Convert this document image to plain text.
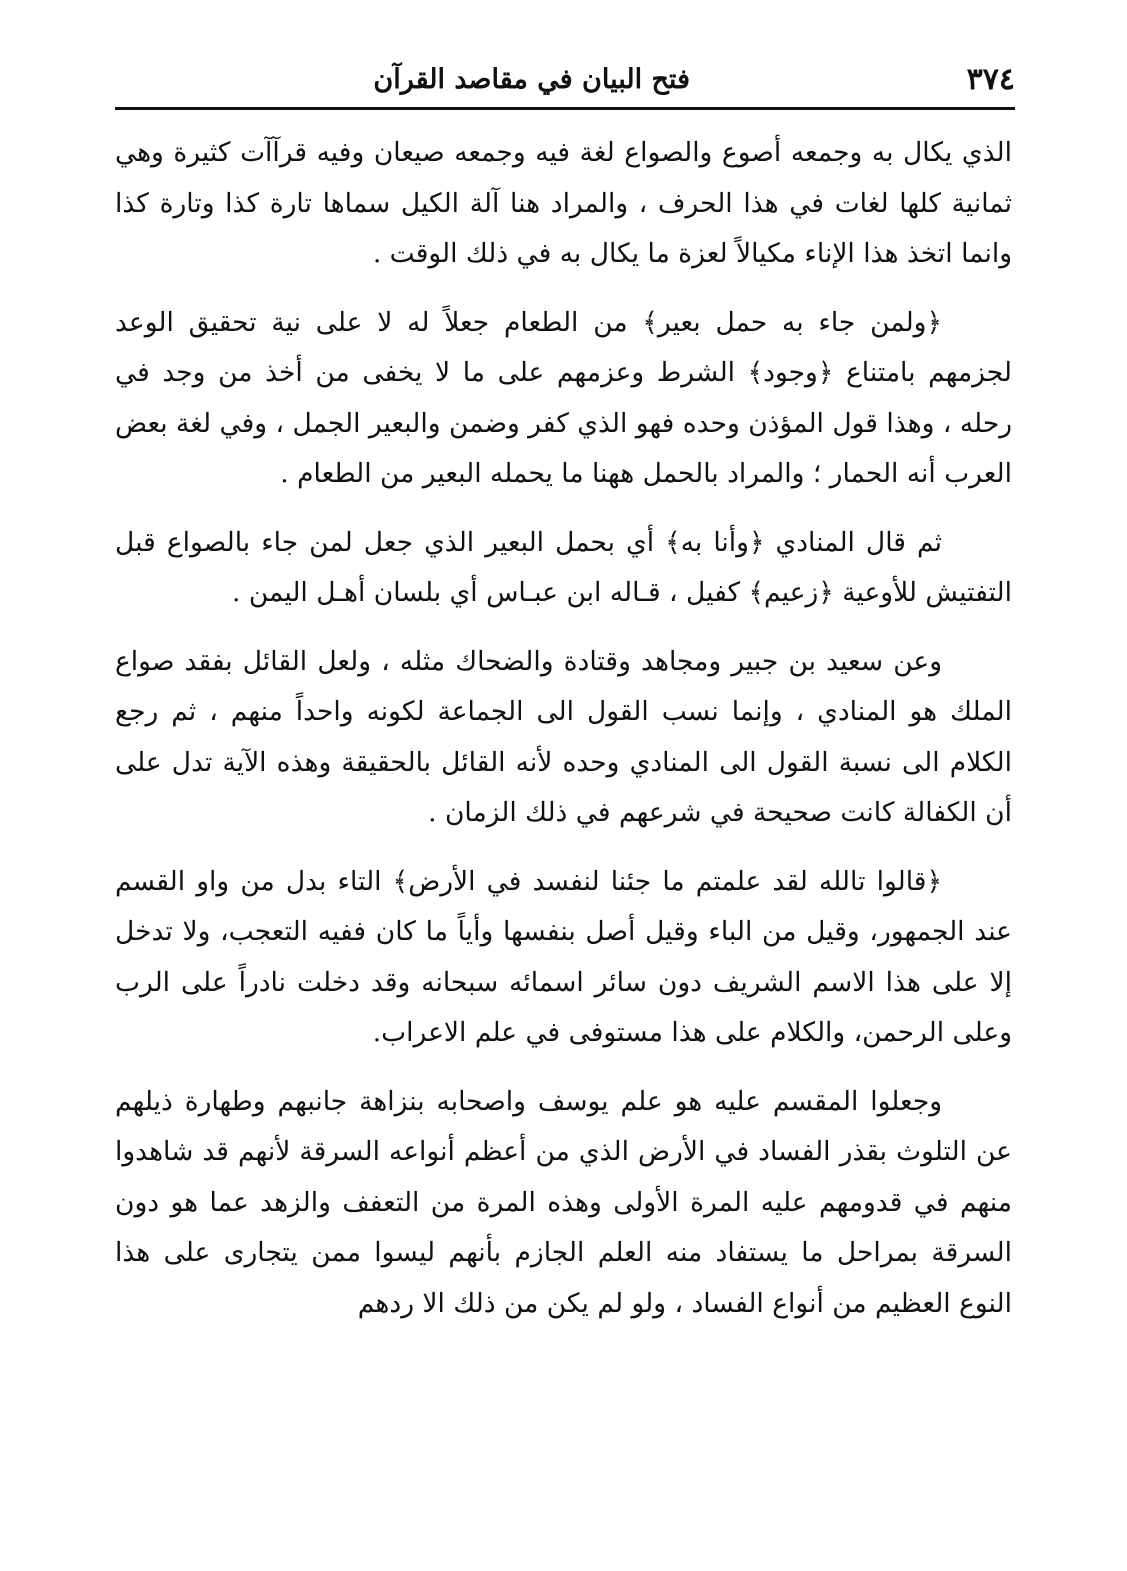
٣٧٤
فتح البيان في مقاصد القرآن

الذي يكال به وجمعه أصوع والصواع لغة فيه وجمعه صيعان وفيه قرآآت كثيرة وهي ثمانية كلها لغات في هذا الحرف ، والمراد هنا آلة الكيل سماها تارة كذا وتارة كذا وانما اتخذ هذا الإناء مكيالاً لعزة ما يكال به في ذلك الوقت .

﴿ولمن جاء به حمل بعير﴾ من الطعام جعلاً له لا على نية تحقيق الوعد لجزمهم بامتناع ﴿وجود﴾ الشرط وعزمهم على ما لا يخفى من أخذ من وجد في رحله ، وهذا قول المؤذن وحده فهو الذي كفر وضمن والبعير الجمل ، وفي لغة بعض العرب أنه الحمار ؛ والمراد بالحمل ههنا ما يحمله البعير من الطعام .

ثم قال المنادي ﴿وأنا به﴾ أي بحمل البعير الذي جعل لمن جاء بالصواع قبل التفتيش للأوعية ﴿زعيم﴾ كفيل ، قـاله ابن عبـاس أي بلسان أهـل اليمن .

وعن سعيد بن جبير ومجاهد وقتادة والضحاك مثله ، ولعل القائل بفقد صواع الملك هو المنادي ، وإنما نسب القول الى الجماعة لكونه واحداً منهم ، ثم رجع الكلام الى نسبة القول الى المنادي وحده لأنه القائل بالحقيقة وهذه الآية تدل على أن الكفالة كانت صحيحة في شرعهم في ذلك الزمان .

﴿قالوا تالله لقد علمتم ما جئنا لنفسد في الأرض﴾ التاء بدل من واو القسم عند الجمهور، وقيل من الباء وقيل أصل بنفسها وأياً ما كان ففيه التعجب، ولا تدخل إلا على هذا الاسم الشريف دون سائر اسمائه سبحانه وقد دخلت نادراً على الرب وعلى الرحمن، والكلام على هذا مستوفى في علم الاعراب.

وجعلوا المقسم عليه هو علم يوسف واصحابه بنزاهة جانبهم وطهارة ذيلهم عن التلوث بقذر الفساد في الأرض الذي من أعظم أنواعه السرقة لأنهم قد شاهدوا منهم في قدومهم عليه المرة الأولى وهذه المرة من التعفف والزهد عما هو دون السرقة بمراحل ما يستفاد منه العلم الجازم بأنهم ليسوا ممن يتجارى على هذا النوع العظيم من أنواع الفساد ، ولو لم يكن من ذلك الا ردهم
